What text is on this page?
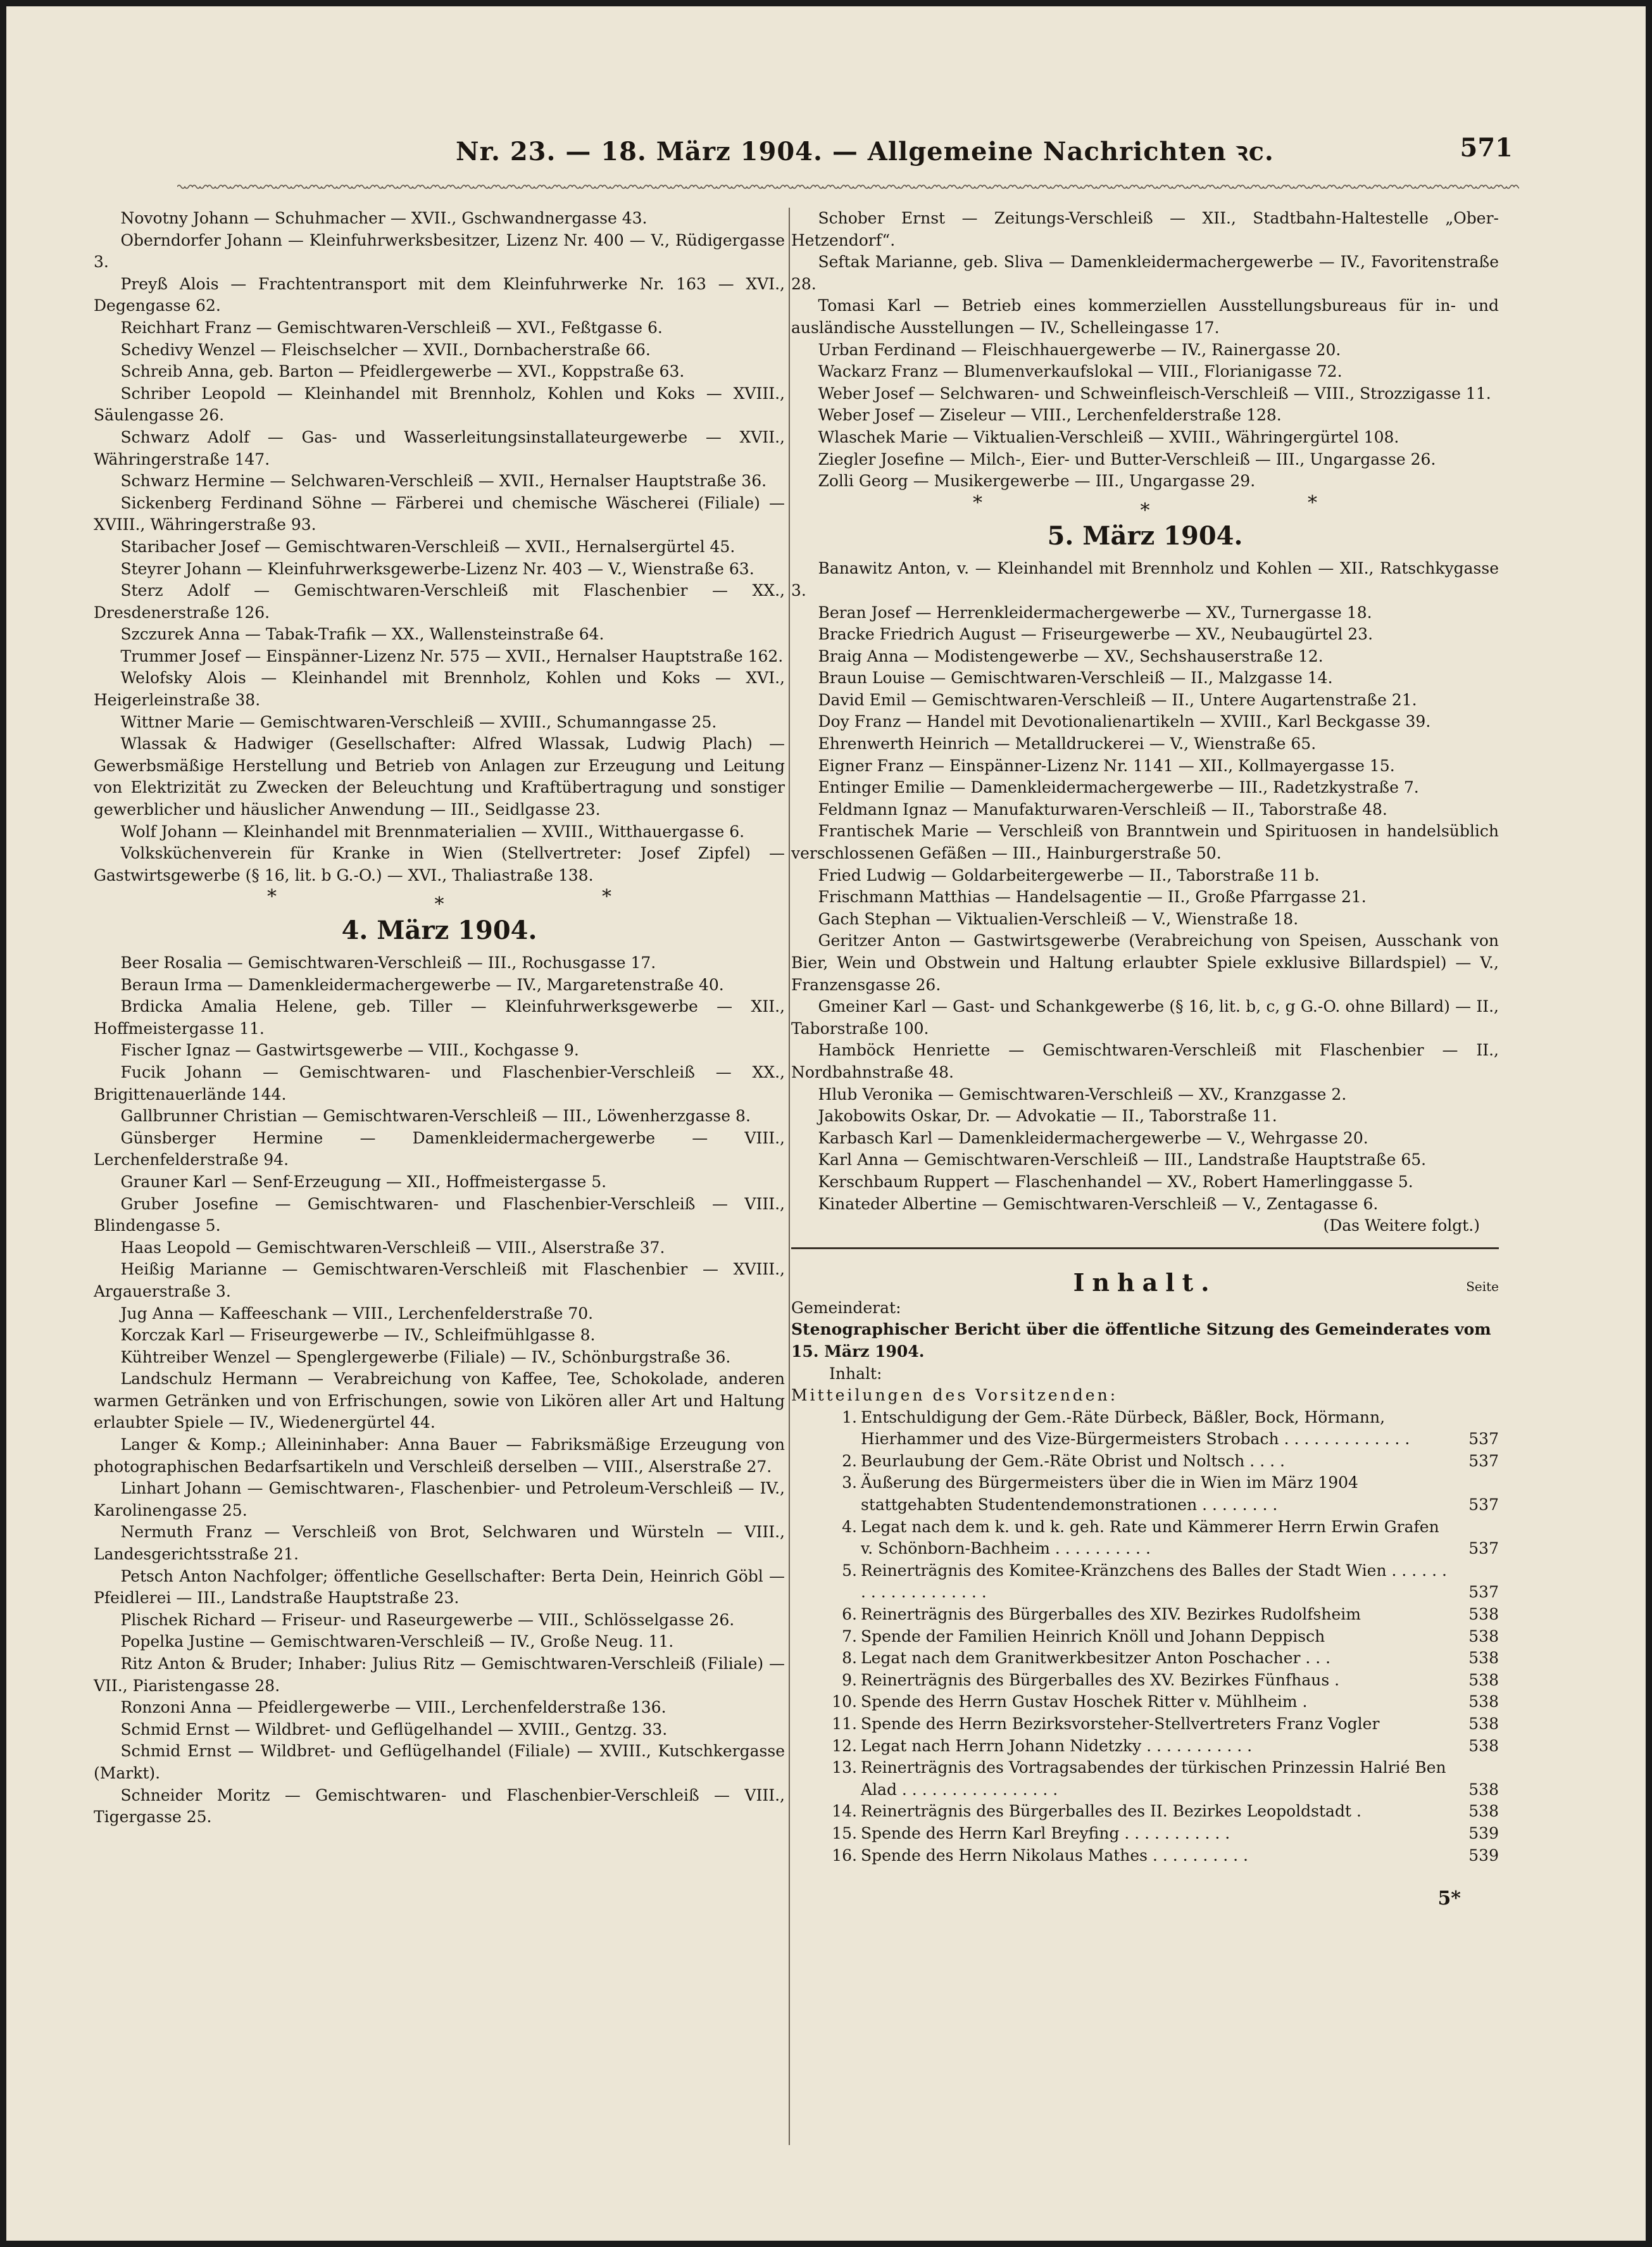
Nr. 23. — 18. März 1904. — Allgemeine Nachrichten ꝛc.	571

Novotny Johann — Schuhmacher — XVII., Gschwandnergasse 43.

Oberndorfer Johann — Kleinfuhrwerksbesitzer, Lizenz Nr. 400 — V., Rüdigergasse 3.

Preyß Alois — Frachtentransport mit dem Kleinfuhrwerke Nr. 163 — XVI., Degengasse 62.

Reichhart Franz — Gemischtwaren-Verschleiß — XVI., Feßtgasse 6.

Schedivy Wenzel — Fleischselcher — XVII., Dornbacherstraße 66.

Schreib Anna, geb. Barton — Pfeidlergewerbe — XVI., Koppstraße 63.

Schriber Leopold — Kleinhandel mit Brennholz, Kohlen und Koks — XVIII., Säulengasse 26.

Schwarz Adolf — Gas- und Wasserleitungsinstallateurgewerbe — XVII., Währingerstraße 147.

Schwarz Hermine — Selchwaren-Verschleiß — XVII., Hernalser Hauptstraße 36.

Sickenberg Ferdinand Söhne — Färberei und chemische Wäscherei (Filiale) — XVIII., Währingerstraße 93.

Staribacher Josef — Gemischtwaren-Verschleiß — XVII., Hernalsergürtel 45.

Steyrer Johann — Kleinfuhrwerksgewerbe-Lizenz Nr. 403 — V., Wienstraße 63.

Sterz Adolf — Gemischtwaren-Verschleiß mit Flaschenbier — XX., Dresdenerstraße 126.

Szczurek Anna — Tabak-Trafik — XX., Wallensteinstraße 64.

Trummer Josef — Einspänner-Lizenz Nr. 575 — XVII., Hernalser Hauptstraße 162.

Welofsky Alois — Kleinhandel mit Brennholz, Kohlen und Koks — XVI., Heigerleinstraße 38.

Wittner Marie — Gemischtwaren-Verschleiß — XVIII., Schumanngasse 25.

Wlassak & Hadwiger (Gesellschafter: Alfred Wlassak, Ludwig Plach) — Gewerbsmäßige Herstellung und Betrieb von Anlagen zur Erzeugung und Leitung von Elektrizität zu Zwecken der Beleuchtung und Kraftübertragung und sonstiger gewerblicher und häuslicher Anwendung — III., Seidlgasse 23.

Wolf Johann — Kleinhandel mit Brennmaterialien — XVIII., Witthauergasse 6.

Volksküchenverein für Kranke in Wien (Stellvertreter: Josef Zipfel) — Gastwirtsgewerbe (§ 16, lit. b G.-O.) — XVI., Thaliastraße 138.

*	*	*
4. März 1904.

Beer Rosalia — Gemischtwaren-Verschleiß — III., Rochusgasse 17.

Beraun Irma — Damenkleidermachergewerbe — IV., Margaretenstraße 40.

Brdicka Amalia Helene, geb. Tiller — Kleinfuhrwerksgewerbe — XII., Hoffmeistergasse 11.

Fischer Ignaz — Gastwirtsgewerbe — VIII., Kochgasse 9.

Fucik Johann — Gemischtwaren- und Flaschenbier-Verschleiß — XX., Brigittenauerlände 144.

Gallbrunner Christian — Gemischtwaren-Verschleiß — III., Löwenherzgasse 8.

Günsberger Hermine — Damenkleidermachergewerbe — VIII., Lerchenfelderstraße 94.

Grauner Karl — Senf-Erzeugung — XII., Hoffmeistergasse 5.

Gruber Josefine — Gemischtwaren- und Flaschenbier-Verschleiß — VIII., Blindengasse 5.

Haas Leopold — Gemischtwaren-Verschleiß — VIII., Alserstraße 37.

Heißig Marianne — Gemischtwaren-Verschleiß mit Flaschenbier — XVIII., Argauerstraße 3.

Jug Anna — Kaffeeschank — VIII., Lerchenfelderstraße 70.

Korczak Karl — Friseurgewerbe — IV., Schleifmühlgasse 8.

Kühtreiber Wenzel — Spenglergewerbe (Filiale) — IV., Schönburgstraße 36.

Landschulz Hermann — Verabreichung von Kaffee, Tee, Schokolade, anderen warmen Getränken und von Erfrischungen, sowie von Likören aller Art und Haltung erlaubter Spiele — IV., Wiedenergürtel 44.

Langer & Komp.; Alleininhaber: Anna Bauer — Fabriksmäßige Erzeugung von photographischen Bedarfsartikeln und Verschleiß derselben — VIII., Alserstraße 27.

Linhart Johann — Gemischtwaren-, Flaschenbier- und Petroleum-Verschleiß — IV., Karolinengasse 25.

Nermuth Franz — Verschleiß von Brot, Selchwaren und Würsteln — VIII., Landesgerichtsstraße 21.

Petsch Anton Nachfolger; öffentliche Gesellschafter: Berta Dein, Heinrich Göbl — Pfeidlerei — III., Landstraße Hauptstraße 23.

Plischek Richard — Friseur- und Raseurgewerbe — VIII., Schlösselgasse 26.

Popelka Justine — Gemischtwaren-Verschleiß — IV., Große Neug. 11.

Ritz Anton & Bruder; Inhaber: Julius Ritz — Gemischtwaren-Verschleiß (Filiale) — VII., Piaristengasse 28.

Ronzoni Anna — Pfeidlergewerbe — VIII., Lerchenfelderstraße 136.

Schmid Ernst — Wildbret- und Geflügelhandel — XVIII., Gentzg. 33.

Schmid Ernst — Wildbret- und Geflügelhandel (Filiale) — XVIII., Kutschkergasse (Markt).

Schneider Moritz — Gemischtwaren- und Flaschenbier-Verschleiß — VIII., Tigergasse 25.

Schober Ernst — Zeitungs-Verschleiß — XII., Stadtbahn-Haltestelle „Ober-Hetzendorf“.

Seftak Marianne, geb. Sliva — Damenkleidermachergewerbe — IV., Favoritenstraße 28.

Tomasi Karl — Betrieb eines kommerziellen Ausstellungsbureaus für in- und ausländische Ausstellungen — IV., Schelleingasse 17.

Urban Ferdinand — Fleischhauergewerbe — IV., Rainergasse 20.

Wackarz Franz — Blumenverkaufslokal — VIII., Florianigasse 72.

Weber Josef — Selchwaren- und Schweinfleisch-Verschleiß — VIII., Strozzigasse 11.

Weber Josef — Ziseleur — VIII., Lerchenfelderstraße 128.

Wlaschek Marie — Viktualien-Verschleiß — XVIII., Währingergürtel 108.

Ziegler Josefine — Milch-, Eier- und Butter-Verschleiß — III., Ungargasse 26.

Zolli Georg — Musikergewerbe — III., Ungargasse 29.

*	*	*
5. März 1904.

Banawitz Anton, v. — Kleinhandel mit Brennholz und Kohlen — XII., Ratschkygasse 3.

Beran Josef — Herrenkleidermachergewerbe — XV., Turnergasse 18.

Bracke Friedrich August — Friseurgewerbe — XV., Neubaugürtel 23.

Braig Anna — Modistengewerbe — XV., Sechshauserstraße 12.

Braun Louise — Gemischtwaren-Verschleiß — II., Malzgasse 14.

David Emil — Gemischtwaren-Verschleiß — II., Untere Augartenstraße 21.

Doy Franz — Handel mit Devotionalienartikeln — XVIII., Karl Beckgasse 39.

Ehrenwerth Heinrich — Metalldruckerei — V., Wienstraße 65.

Eigner Franz — Einspänner-Lizenz Nr. 1141 — XII., Kollmayergasse 15.

Entinger Emilie — Damenkleidermachergewerbe — III., Radetzkystraße 7.

Feldmann Ignaz — Manufakturwaren-Verschleiß — II., Taborstraße 48.

Frantischek Marie — Verschleiß von Branntwein und Spirituosen in handelsüblich verschlossenen Gefäßen — III., Hainburgerstraße 50.

Fried Ludwig — Goldarbeitergewerbe — II., Taborstraße 11 b.

Frischmann Matthias — Handelsagentie — II., Große Pfarrgasse 21.

Gach Stephan — Viktualien-Verschleiß — V., Wienstraße 18.

Geritzer Anton — Gastwirtsgewerbe (Verabreichung von Speisen, Ausschank von Bier, Wein und Obstwein und Haltung erlaubter Spiele exklusive Billardspiel) — V., Franzensgasse 26.

Gmeiner Karl — Gast- und Schankgewerbe (§ 16, lit. b, c, g G.-O. ohne Billard) — II., Taborstraße 100.

Hamböck Henriette — Gemischtwaren-Verschleiß mit Flaschenbier — II., Nordbahnstraße 48.

Hlub Veronika — Gemischtwaren-Verschleiß — XV., Kranzgasse 2.

Jakobowits Oskar, Dr. — Advokatie — II., Taborstraße 11.

Karbasch Karl — Damenkleidermachergewerbe — V., Wehrgasse 20.

Karl Anna — Gemischtwaren-Verschleiß — III., Landstraße Hauptstraße 65.

Kerschbaum Ruppert — Flaschenhandel — XV., Robert Hamerlinggasse 5.

Kinateder Albertine — Gemischtwaren-Verschleiß — V., Zentagasse 6.

(Das Weitere folgt.)
Inhalt.	Seite

Gemeinderat:

Stenographischer Bericht über die öffentliche Sitzung des Gemeinderates vom 15. März 1904.

Inhalt:

Mitteilungen des Vorsitzenden:

1. Entschuldigung der Gem.-Räte Dürbeck, Bäßler, Bock, Hörmann, Hierhammer und des Vize-Bürgermeisters Strobach . . . . . . . . . . . . .	537

2. Beurlaubung der Gem.-Räte Obrist und Noltsch . . . .	537

3. Äußerung des Bürgermeisters über die in Wien im März 1904 stattgehabten Studentendemonstrationen . . . . . . . .	537

4. Legat nach dem k. und k. geh. Rate und Kämmerer Herrn Erwin Grafen v. Schönborn-Bachheim . . . . . . . . . .	537

5. Reinerträgnis des Komitee-Kränzchens des Balles der Stadt Wien . . . . . . . . . . . . . . . . . . .	537

6. Reinerträgnis des Bürgerballes des XIV. Bezirkes Rudolfsheim	538

7. Spende der Familien Heinrich Knöll und Johann Deppisch	538

8. Legat nach dem Granitwerkbesitzer Anton Poschacher . . .	538

9. Reinerträgnis des Bürgerballes des XV. Bezirkes Fünfhaus .	538

10. Spende des Herrn Gustav Hoschek Ritter v. Mühlheim .	538

11. Spende des Herrn Bezirksvorsteher-Stellvertreters Franz Vogler	538

12. Legat nach Herrn Johann Nidetzky . . . . . . . . . . .	538

13. Reinerträgnis des Vortragsabendes der türkischen Prinzessin Halrié Ben Alad . . . . . . . . . . . . . . . .	538

14. Reinerträgnis des Bürgerballes des II. Bezirkes Leopoldstadt .	538

15. Spende des Herrn Karl Breyfing . . . . . . . . . . .	539

16. Spende des Herrn Nikolaus Mathes . . . . . . . . . .	539

5*
